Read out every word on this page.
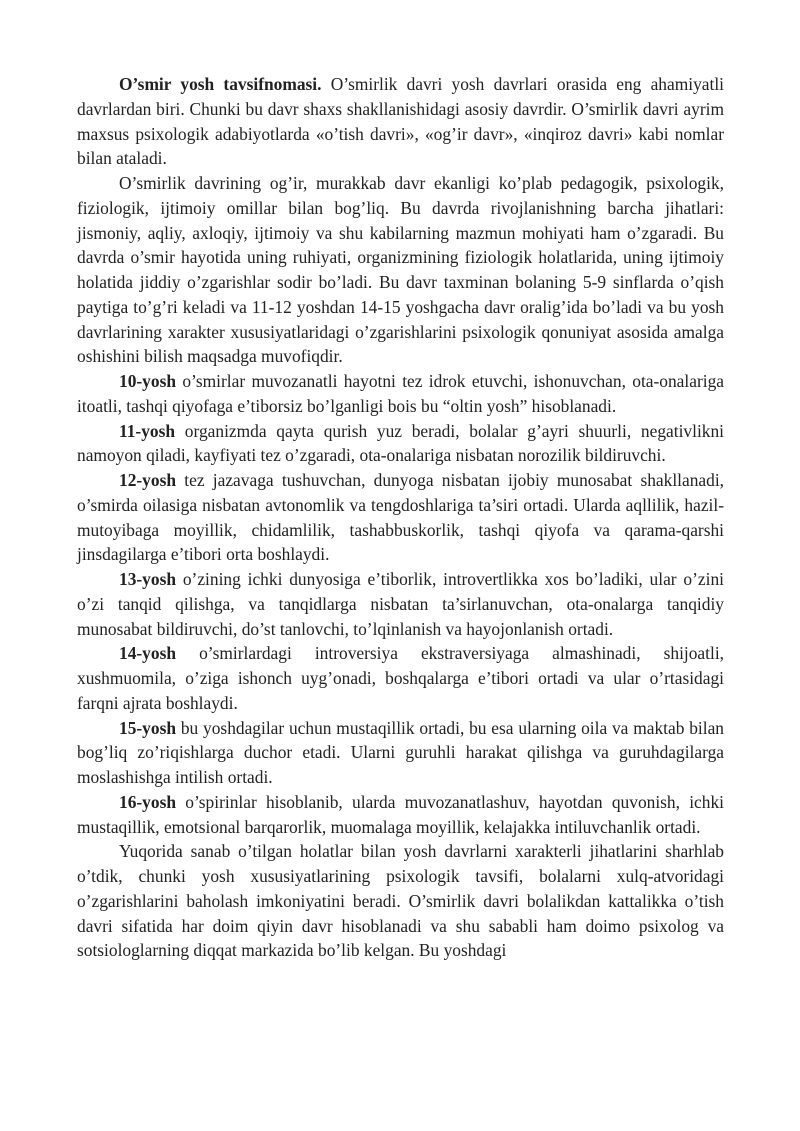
O’smir yosh tavsifnomasi. O’smirlik davri yosh davrlari orasida eng ahamiyatli davrlardan biri. Chunki bu davr shaxs shakllanishidagi asosiy davrdir. O’smirlik davri ayrim maxsus psixologik adabiyotlarda «o’tish davri», «og’ir davr», «inqiroz davri» kabi nomlar bilan ataladi.

O’smirlik davrining og’ir, murakkab davr ekanligi ko’plab pedagogik, psixologik, fiziologik, ijtimoiy omillar bilan bog’liq. Bu davrda rivojlanishning barcha jihatlari: jismoniy, aqliy, axloqiy, ijtimoiy va shu kabilarning mazmun mohiyati ham o’zgaradi. Bu davrda o’smir hayotida uning ruhiyati, organizmining fiziologik holatlarida, uning ijtimoiy holatida jiddiy o’zgarishlar sodir bo’ladi. Bu davr taxminan bolaning 5-9 sinflarda o’qish paytiga to’g’ri keladi va 11-12 yoshdan 14-15 yoshgacha davr oralig’ida bo’ladi va bu yosh davrlarining xarakter xususiyatlaridagi o’zgarishlarini psixologik qonuniyat asosida amalga oshishini bilish maqsadga muvofiqdir.

10-yosh o’smirlar muvozanatli hayotni tez idrok etuvchi, ishonuvchan, ota-onalariga itoatli, tashqi qiyofaga e’tiborsiz bo’lganligi bois bu “oltin yosh” hisoblanadi.

11-yosh organizmda qayta qurish yuz beradi, bolalar g’ayri shuurli, negativlikni namoyon qiladi, kayfiyati tez o’zgaradi, ota-onalariga nisbatan norozilik bildiruvchi.

12-yosh tez jazavaga tushuvchan, dunyoga nisbatan ijobiy munosabat shakllanadi, o’smirda oilasiga nisbatan avtonomlik va tengdoshlariga ta’siri ortadi. Ularda aqllilik, hazil-mutoyibaga moyillik, chidamlilik, tashabbuskorlik, tashqi qiyofa va qarama-qarshi jinsdagilarga e’tibori orta boshlaydi.

13-yosh o’zining ichki dunyosiga e’tiborlik, introvertlikka xos bo’ladiki, ular o’zini o’zi tanqid qilishga, va tanqidlarga nisbatan ta’sirlanuvchan, ota-onalarga tanqidiy munosabat bildiruvchi, do’st tanlovchi, to’lqinlanish va hayojonlanish ortadi.

14-yosh o’smirlardagi introversiya ekstraversiyaga almashinadi, shijoatli, xushmuomila, o’ziga ishonch uyg’onadi, boshqalarga e’tibori ortadi va ular o’rtasidagi farqni ajrata boshlaydi.

15-yosh bu yoshdagilar uchun mustaqillik ortadi, bu esa ularning oila va maktab bilan bog’liq zo’riqishlarga duchor etadi. Ularni guruhli harakat qilishga va guruhdagilarga moslashishga intilish ortadi.

16-yosh o’spirinlar hisoblanib, ularda muvozanatlashuv, hayotdan quvonish, ichki mustaqillik, emotsional barqarorlik, muomalaga moyillik, kelajakka intiluvchanlik ortadi.

Yuqorida sanab o’tilgan holatlar bilan yosh davrlarni xarakterli jihatlarini sharhlab o’tdik, chunki yosh xususiyatlarining psixologik tavsifi, bolalarni xulq-atvoridagi o’zgarishlarini baholash imkoniyatini beradi. O’smirlik davri bolalikdan kattalikka o’tish davri sifatida har doim qiyin davr hisoblanadi va shu sababli ham doimo psixolog va sotsiologlarning diqqat markazida bo’lib kelgan. Bu yoshdagi
